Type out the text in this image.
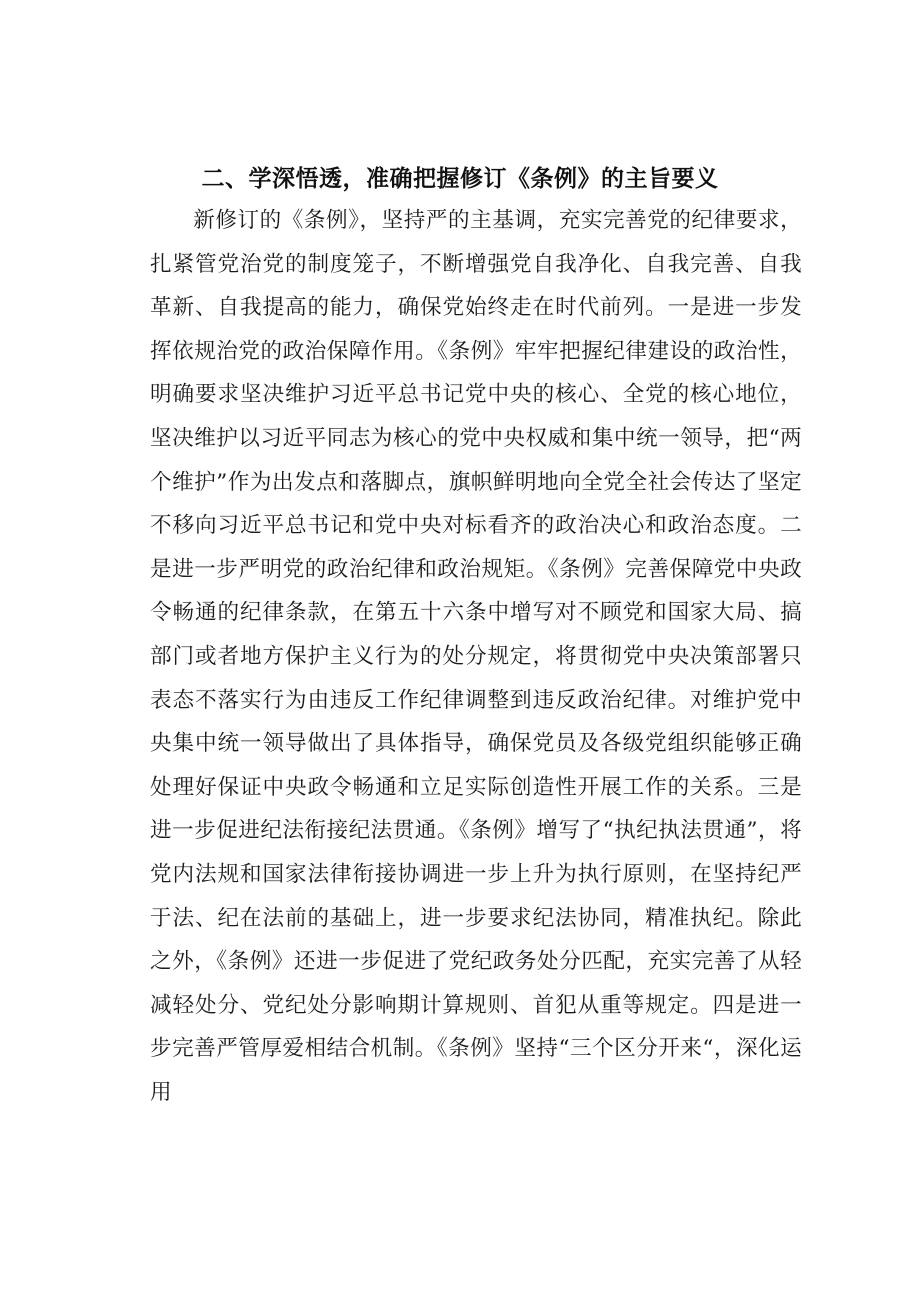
二、学深悟透，准确把握修订《条例》的主旨要义

新修订的《条例》，坚持严的主基调，充实完善党的纪律要求，扎紧管党治党的制度笼子，不断增强党自我净化、自我完善、自我革新、自我提高的能力，确保党始终走在时代前列。一是进一步发挥依规治党的政治保障作用。《条例》牢牢把握纪律建设的政治性，明确要求坚决维护习近平总书记党中央的核心、全党的核心地位，坚决维护以习近平同志为核心的党中央权威和集中统一领导，把“两个维护”作为出发点和落脚点，旗帜鲜明地向全党全社会传达了坚定不移向习近平总书记和党中央对标看齐的政治决心和政治态度。二是进一步严明党的政治纪律和政治规矩。《条例》完善保障党中央政令畅通的纪律条款，在第五十六条中增写对不顾党和国家大局、搞部门或者地方保护主义行为的处分规定，将贯彻党中央决策部署只表态不落实行为由违反工作纪律调整到违反政治纪律。对维护党中央集中统一领导做出了具体指导，确保党员及各级党组织能够正确处理好保证中央政令畅通和立足实际创造性开展工作的关系。三是进一步促进纪法衔接纪法贯通。《条例》增写了“执纪执法贯通”，将党内法规和国家法律衔接协调进一步上升为执行原则，在坚持纪严于法、纪在法前的基础上，进一步要求纪法协同，精准执纪。除此之外，《条例》还进一步促进了党纪政务处分匹配，充实完善了从轻减轻处分、党纪处分影响期计算规则、首犯从重等规定。四是进一步完善严管厚爱相结合机制。《条例》坚持“三个区分开来“，深化运用
